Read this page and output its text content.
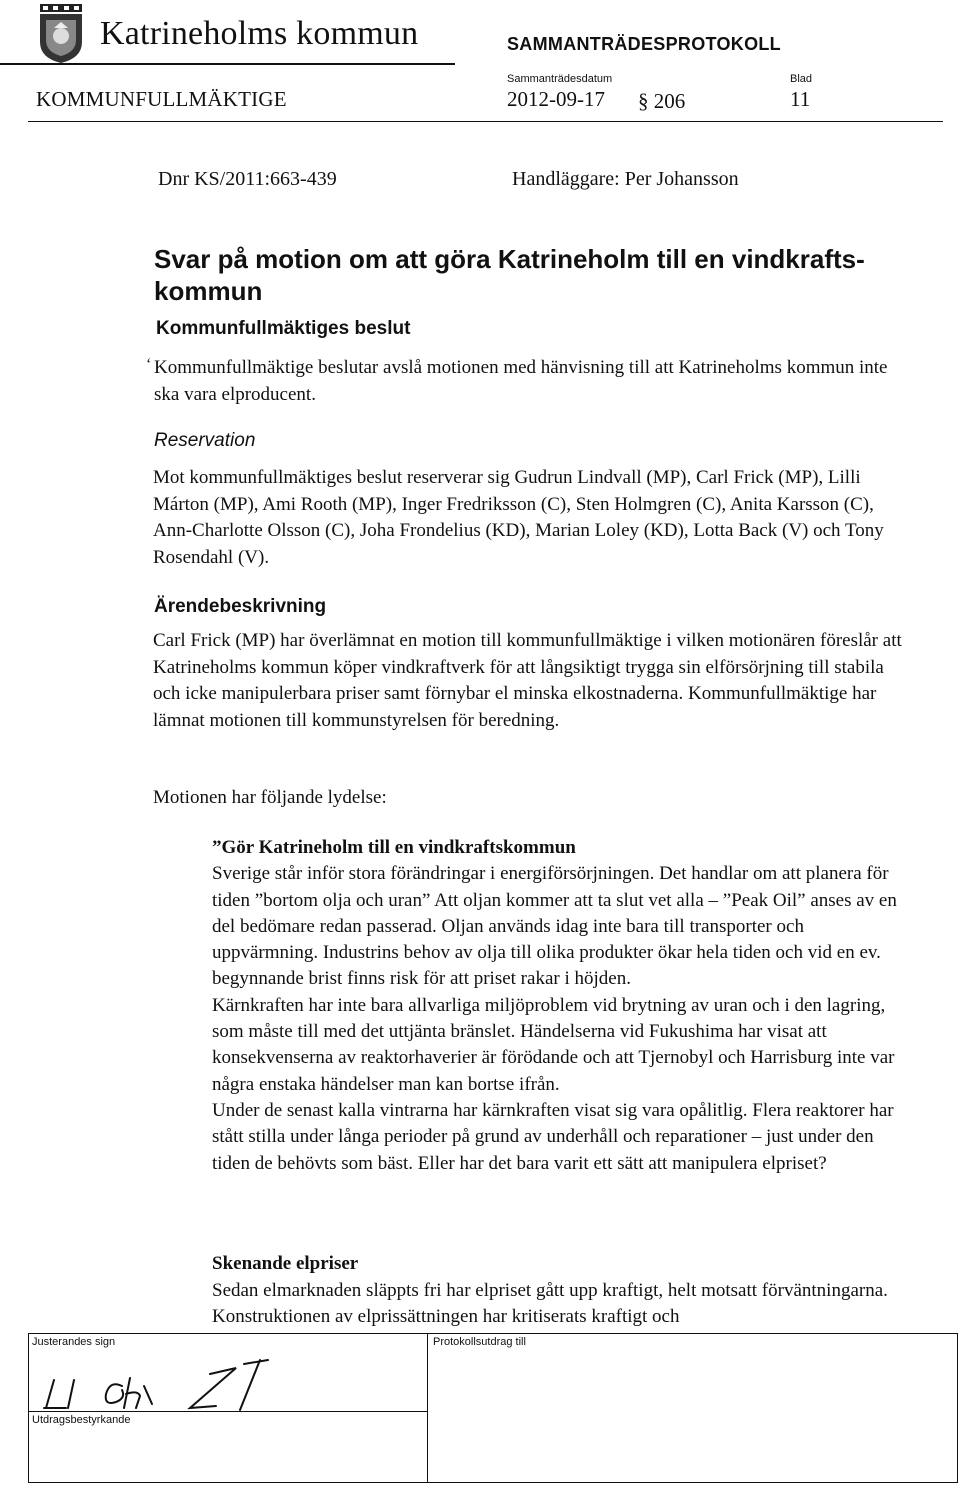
Katrineholms kommun	SAMMANTRÄDESPROTOKOLL
Sammanträdesdatum	Blad
KOMMUNFULLMÄKTIGE	2012-09-17 § 206	11
Dnr KS/2011:663-439	Handläggare: Per Johansson
Svar på motion om att göra Katrineholm till en vindkrafts-kommun
Kommunfullmäktiges beslut
ʻ Kommunfullmäktige beslutar avslå motionen med hänvisning till att Katrineholms kommun inte ska vara elproducent.
Reservation
Mot kommunfullmäktiges beslut reserverar sig Gudrun Lindvall (MP), Carl Frick (MP), Lilli Márton (MP), Ami Rooth (MP), Inger Fredriksson (C), Sten Holmgren (C), Anita Karsson (C), Ann-Charlotte Olsson (C), Joha Frondelius (KD), Marian Loley (KD), Lotta Back (V) och Tony Rosendahl (V).
Ärendebeskrivning
Carl Frick (MP) har överlämnat en motion till kommunfullmäktige i vilken motionären föreslår att Katrineholms kommun köper vindkraftverk för att långsiktigt trygga sin elförsörjning till stabila och icke manipulerbara priser samt förnybar el minska elkostnaderna. Kommunfullmäktige har lämnat motionen till kommunstyrelsen för beredning.
Motionen har följande lydelse:

”Gör Katrineholm till en vindkraftskommun

Sverige står inför stora förändringar i energiförsörjningen. Det handlar om att planera för tiden ”bortom olja och uran” Att oljan kommer att ta slut vet alla – ”Peak Oil” anses av en del bedömare redan passerad. Oljan används idag inte bara till transporter och uppvärmning. Industrins behov av olja till olika produkter ökar hela tiden och vid en ev. begynnande brist finns risk för att priset rakar i höjden.

Kärnkraften har inte bara allvarliga miljöproblem vid brytning av uran och i den lagring, som måste till med det uttjänta bränslet. Händelserna vid Fukushima har visat att konsekvenserna av reaktorhaverier är förödande och att Tjernobyl och Harrisburg inte var några enstaka händelser man kan bortse ifrån.

Under de senast kalla vintrarna har kärnkraften visat sig vara opålitlig. Flera reaktorer har stått stilla under långa perioder på grund av underhåll och reparationer – just under den tiden de behövts som bäst. Eller har det bara varit ett sätt att manipulera elpriset?

Skenande elpriser
Sedan elmarknaden släppts fri har elpriset gått upp kraftigt, helt motsatt förväntningarna. Konstruktionen av elprissättningen har kritiserats kraftigt och
Justerandes sign	Protokollsutdrag till
Utdragsbestyrkande
